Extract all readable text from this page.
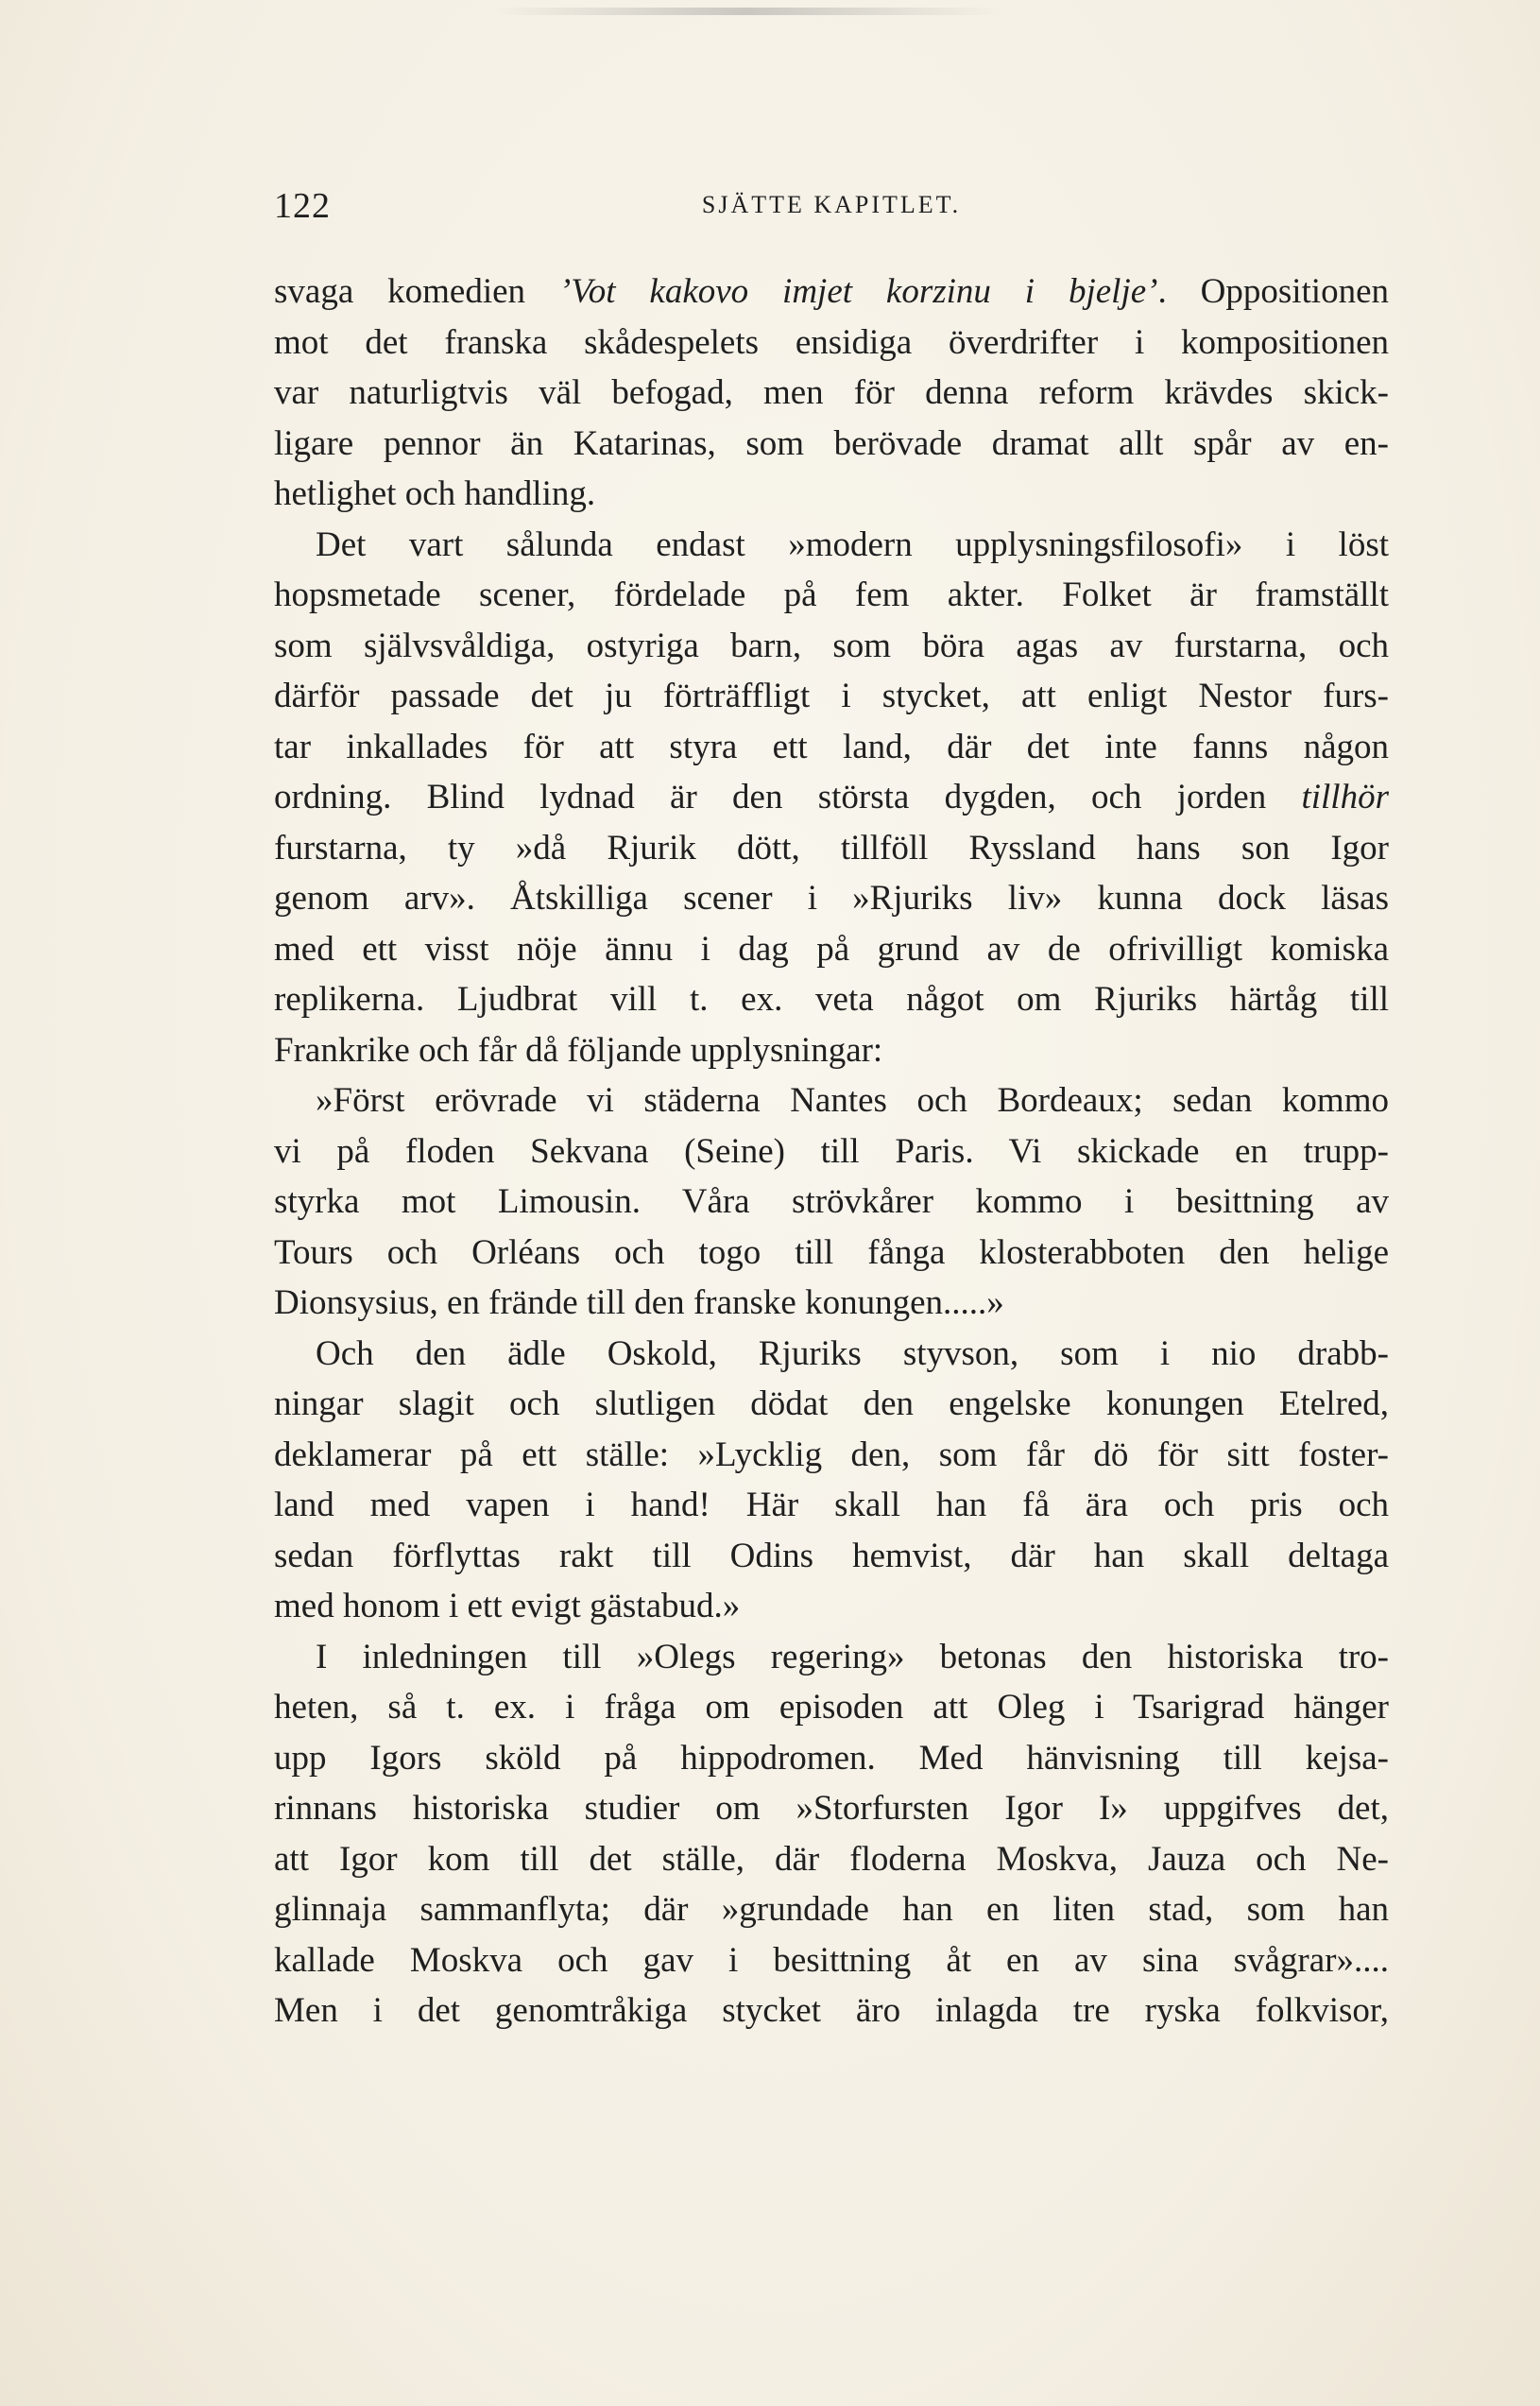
122	SJÄTTE KAPITLET.
svaga komedien ’Vot kakovo imjet korzinu i bjelje’. Oppositionen
mot det franska skådespelets ensidiga överdrifter i kompositionen
var naturligtvis väl befogad, men för denna reform krävdes skick-
ligare pennor än Katarinas, som berövade dramat allt spår av en-
hetlighet och handling.
Det vart sålunda endast »modern upplysningsfilosofi» i löst
hopsmetade scener, fördelade på fem akter. Folket är framställt
som självsvåldiga, ostyriga barn, som böra agas av furstarna, och
därför passade det ju förträffligt i stycket, att enligt Nestor furs-
tar inkallades för att styra ett land, där det inte fanns någon
ordning. Blind lydnad är den största dygden, och jorden tillhör
furstarna, ty »då Rjurik dött, tillföll Ryssland hans son Igor
genom arv». Åtskilliga scener i »Rjuriks liv» kunna dock läsas
med ett visst nöje ännu i dag på grund av de ofrivilligt komiska
replikerna. Ljudbrat vill t. ex. veta något om Rjuriks härtåg till
Frankrike och får då följande upplysningar:
»Först erövrade vi städerna Nantes och Bordeaux; sedan kommo
vi på floden Sekvana (Seine) till Paris. Vi skickade en trupp-
styrka mot Limousin. Våra strövkårer kommo i besittning av
Tours och Orléans och togo till fånga klosterabboten den helige
Dionsysius, en frände till den franske konungen.....»
Och den ädle Oskold, Rjuriks styvson, som i nio drabb-
ningar slagit och slutligen dödat den engelske konungen Etelred,
deklamerar på ett ställe: »Lycklig den, som får dö för sitt foster-
land med vapen i hand! Här skall han få ära och pris och
sedan förflyttas rakt till Odins hemvist, där han skall deltaga
med honom i ett evigt gästabud.»
I inledningen till »Olegs regering» betonas den historiska tro-
heten, så t. ex. i fråga om episoden att Oleg i Tsarigrad hänger
upp Igors sköld på hippodromen. Med hänvisning till kejsa-
rinnans historiska studier om »Storfursten Igor I» uppgifves det,
att Igor kom till det ställe, där floderna Moskva, Jauza och Ne-
glinnaja sammanflyta; där »grundade han en liten stad, som han
kallade Moskva och gav i besittning åt en av sina svågrar»....
Men i det genomtråkiga stycket äro inlagda tre ryska folkvisor,
